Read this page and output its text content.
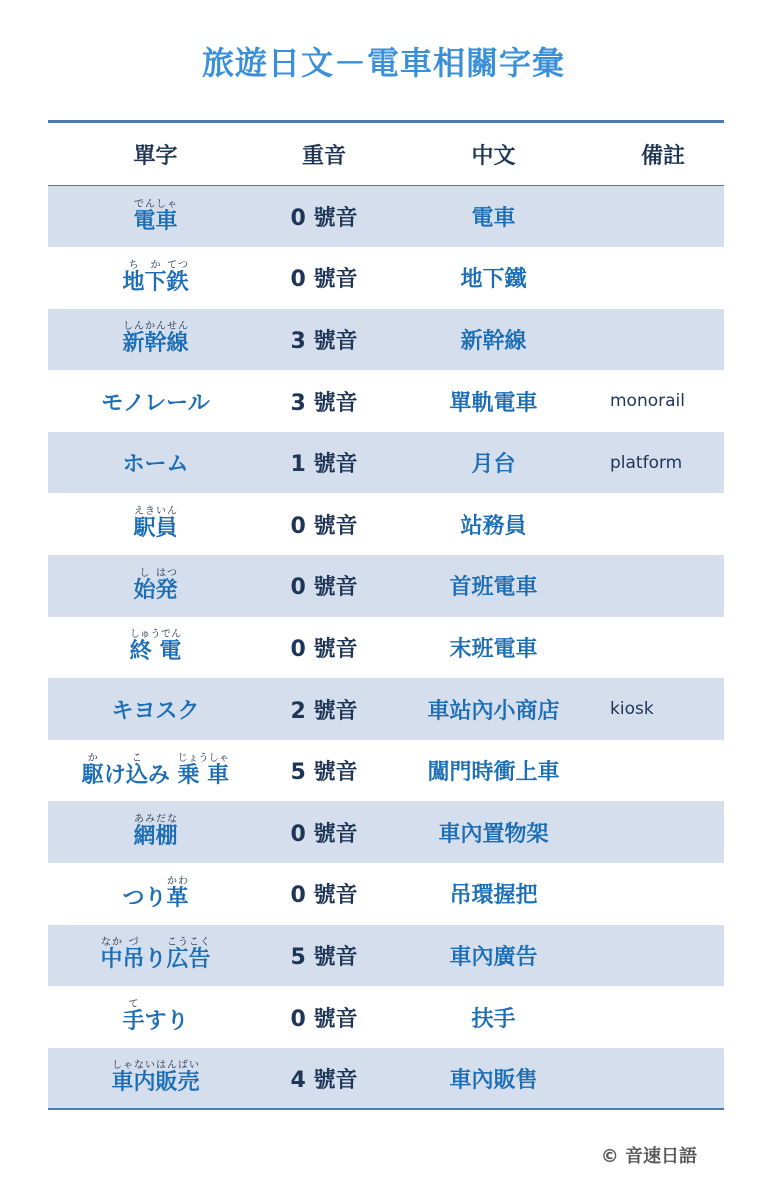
旅遊日文－電車相關字彙
單字	重音	中文	備註
電車でんしゃ	0 號音	電車	
地ち下か鉄てつ	0 號音	地下鐵	
新幹線しんかんせん	3 號音	新幹線	
モノレール	3 號音	單軌電車	monorail
ホーム	1 號音	月台	platform
駅員えきいん	0 號音	站務員	
始し発はつ	0 號音	首班電車	
終 電しゅうでん	0 號音	末班電車	
キヨスク	2 號音	車站內小商店	kiosk
駆かけ込こみ 乗 車じょうしゃ	5 號音	闖門時衝上車	
網棚あみだな	0 號音	車內置物架	
つり革かわ	0 號音	吊環握把	
中なか吊づり広告こうこく	5 號音	車內廣告	
手てすり	0 號音	扶手	
車内販売しゃないはんばい	4 號音	車內販售	
© 音速日語
